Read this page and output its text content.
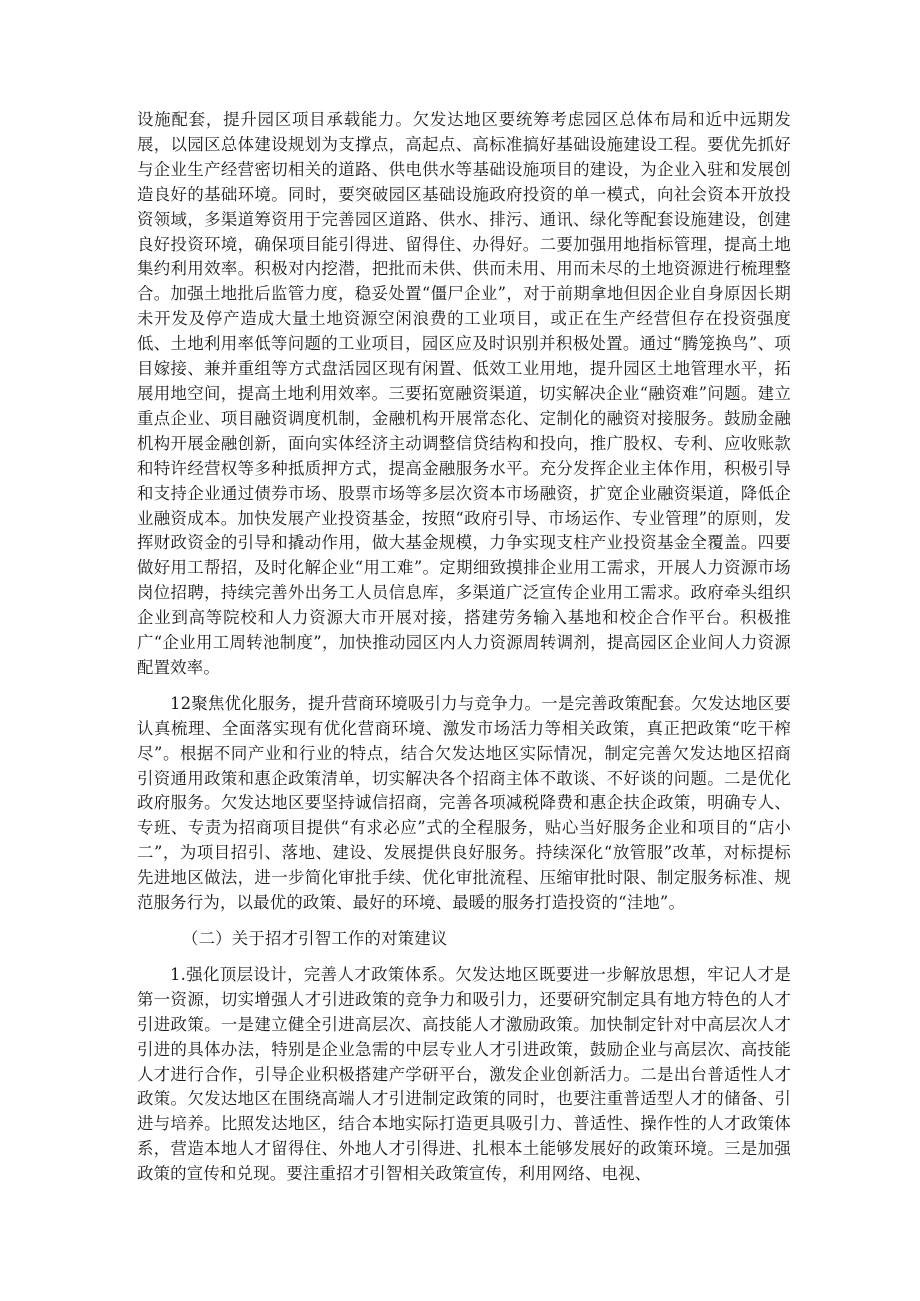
设施配套，提升园区项目承载能力。欠发达地区要统筹考虑园区总体布局和近中远期发展，以园区总体建设规划为支撑点，高起点、高标准搞好基础设施建设工程。要优先抓好与企业生产经营密切相关的道路、供电供水等基础设施项目的建设，为企业入驻和发展创造良好的基础环境。同时，要突破园区基础设施政府投资的单一模式，向社会资本开放投资领域，多渠道筹资用于完善园区道路、供水、排污、通讯、绿化等配套设施建设，创建良好投资环境，确保项目能引得进、留得住、办得好。二要加强用地指标管理，提高土地集约利用效率。积极对内挖潜，把批而未供、供而未用、用而未尽的土地资源进行梳理整合。加强土地批后监管力度，稳妥处置“僵尸企业”，对于前期拿地但因企业自身原因长期未开发及停产造成大量土地资源空闲浪费的工业项目，或正在生产经营但存在投资强度低、土地利用率低等问题的工业项目，园区应及时识别并积极处置。通过“腾笼换鸟”、项目嫁接、兼并重组等方式盘活园区现有闲置、低效工业用地，提升园区土地管理水平，拓展用地空间，提高土地利用效率。三要拓宽融资渠道，切实解决企业“融资难”问题。建立重点企业、项目融资调度机制，金融机构开展常态化、定制化的融资对接服务。鼓励金融机构开展金融创新，面向实体经济主动调整信贷结构和投向，推广股权、专利、应收账款和特许经营权等多种抵质押方式，提高金融服务水平。充分发挥企业主体作用，积极引导和支持企业通过债券市场、股票市场等多层次资本市场融资，扩宽企业融资渠道，降低企业融资成本。加快发展产业投资基金，按照“政府引导、市场运作、专业管理”的原则，发挥财政资金的引导和撬动作用，做大基金规模，力争实现支柱产业投资基金全覆盖。四要做好用工帮招，及时化解企业“用工难”。定期细致摸排企业用工需求，开展人力资源市场岗位招聘，持续完善外出务工人员信息库，多渠道广泛宣传企业用工需求。政府牵头组织企业到高等院校和人力资源大市开展对接，搭建劳务输入基地和校企合作平台。积极推广“企业用工周转池制度”，加快推动园区内人力资源周转调剂，提高园区企业间人力资源配置效率。

12聚焦优化服务，提升营商环境吸引力与竞争力。一是完善政策配套。欠发达地区要认真梳理、全面落实现有优化营商环境、激发市场活力等相关政策，真正把政策“吃干榨尽”。根据不同产业和行业的特点，结合欠发达地区实际情况，制定完善欠发达地区招商引资通用政策和惠企政策清单，切实解决各个招商主体不敢谈、不好谈的问题。二是优化政府服务。欠发达地区要坚持诚信招商，完善各项减税降费和惠企扶企政策，明确专人、专班、专责为招商项目提供“有求必应”式的全程服务，贴心当好服务企业和项目的“店小二”，为项目招引、落地、建设、发展提供良好服务。持续深化“放管服”改革，对标提标先进地区做法，进一步简化审批手续、优化审批流程、压缩审批时限、制定服务标准、规范服务行为，以最优的政策、最好的环境、最暖的服务打造投资的“洼地”。

（二）关于招才引智工作的对策建议

1.强化顶层设计，完善人才政策体系。欠发达地区既要进一步解放思想，牢记人才是第一资源，切实增强人才引进政策的竞争力和吸引力，还要研究制定具有地方特色的人才引进政策。一是建立健全引进高层次、高技能人才激励政策。加快制定针对中高层次人才引进的具体办法，特别是企业急需的中层专业人才引进政策，鼓励企业与高层次、高技能人才进行合作，引导企业积极搭建产学研平台，激发企业创新活力。二是出台普适性人才政策。欠发达地区在围绕高端人才引进制定政策的同时，也要注重普适型人才的储备、引进与培养。比照发达地区，结合本地实际打造更具吸引力、普适性、操作性的人才政策体系，营造本地人才留得住、外地人才引得进、扎根本土能够发展好的政策环境。三是加强政策的宣传和兑现。要注重招才引智相关政策宣传，利用网络、电视、
